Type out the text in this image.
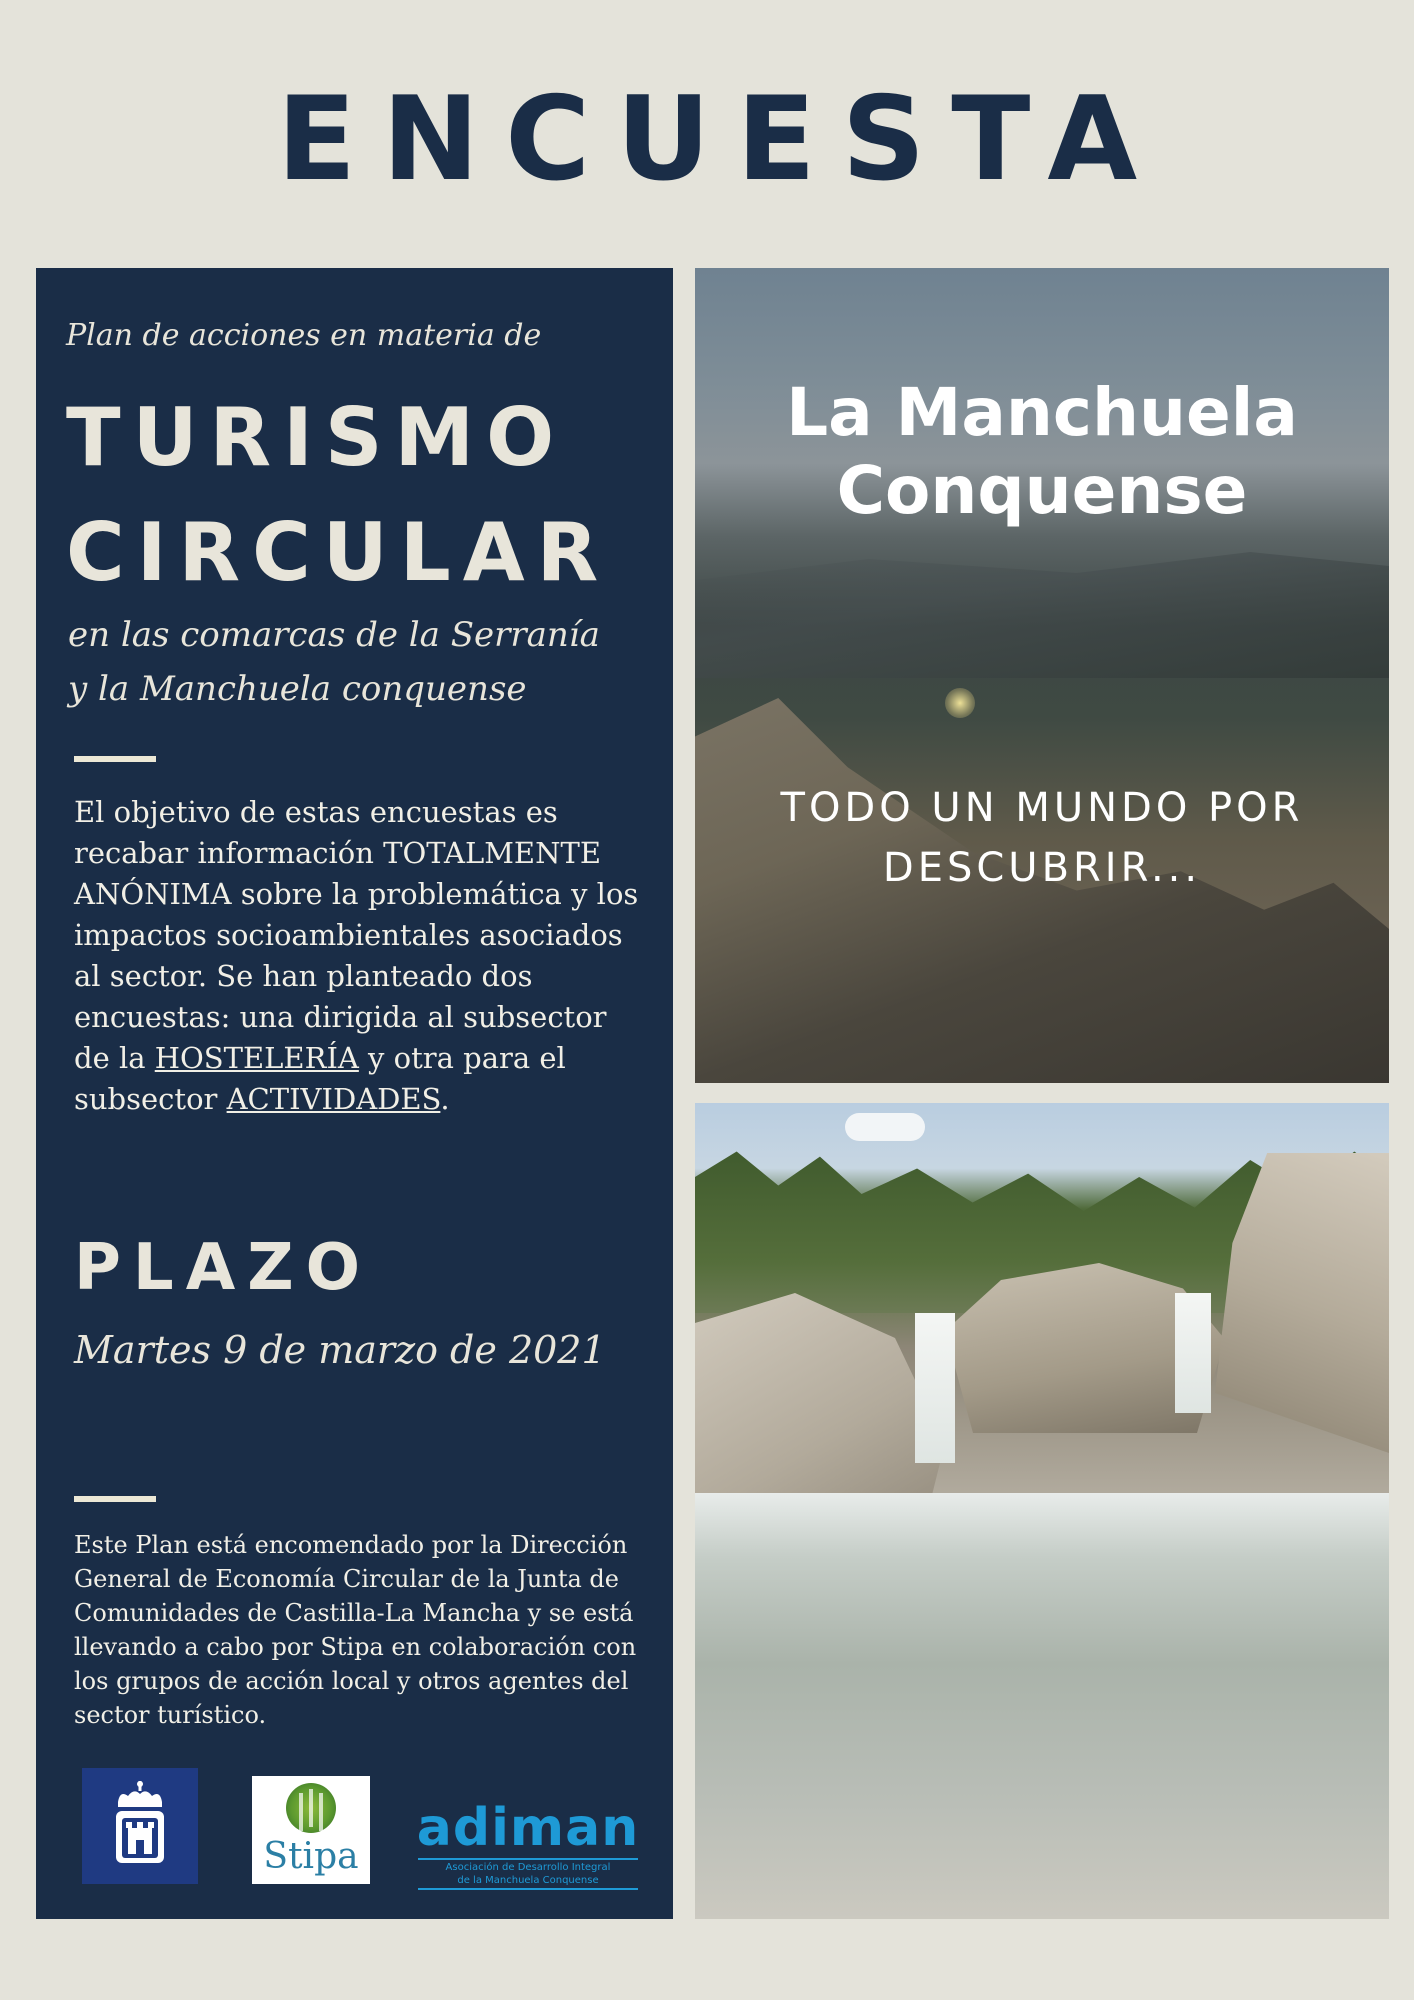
ENCUESTA
Plan de acciones en materia de
TURISMO
CIRCULAR
en las comarcas de la Serranía
y la Manchuela conquense
El objetivo de estas encuestas es recabar información TOTALMENTE ANÓNIMA sobre la problemática y los impactos socioambientales asociados al sector. Se han planteado dos encuestas: una dirigida al subsector de la HOSTELERÍA y otra para el subsector ACTIVIDADES.
PLAZO
Martes 9 de marzo de 2021
Este Plan está encomendado por la Dirección General de Economía Circular de la Junta de Comunidades de Castilla-La Mancha y se está llevando a cabo por Stipa en colaboración con los grupos de acción local y otros agentes del sector turístico.
Stipa adiman
Asociación de Desarrollo Integral
de la Manchuela Conquense
La Manchuela
Conquense
TODO UN MUNDO POR
DESCUBRIR...
